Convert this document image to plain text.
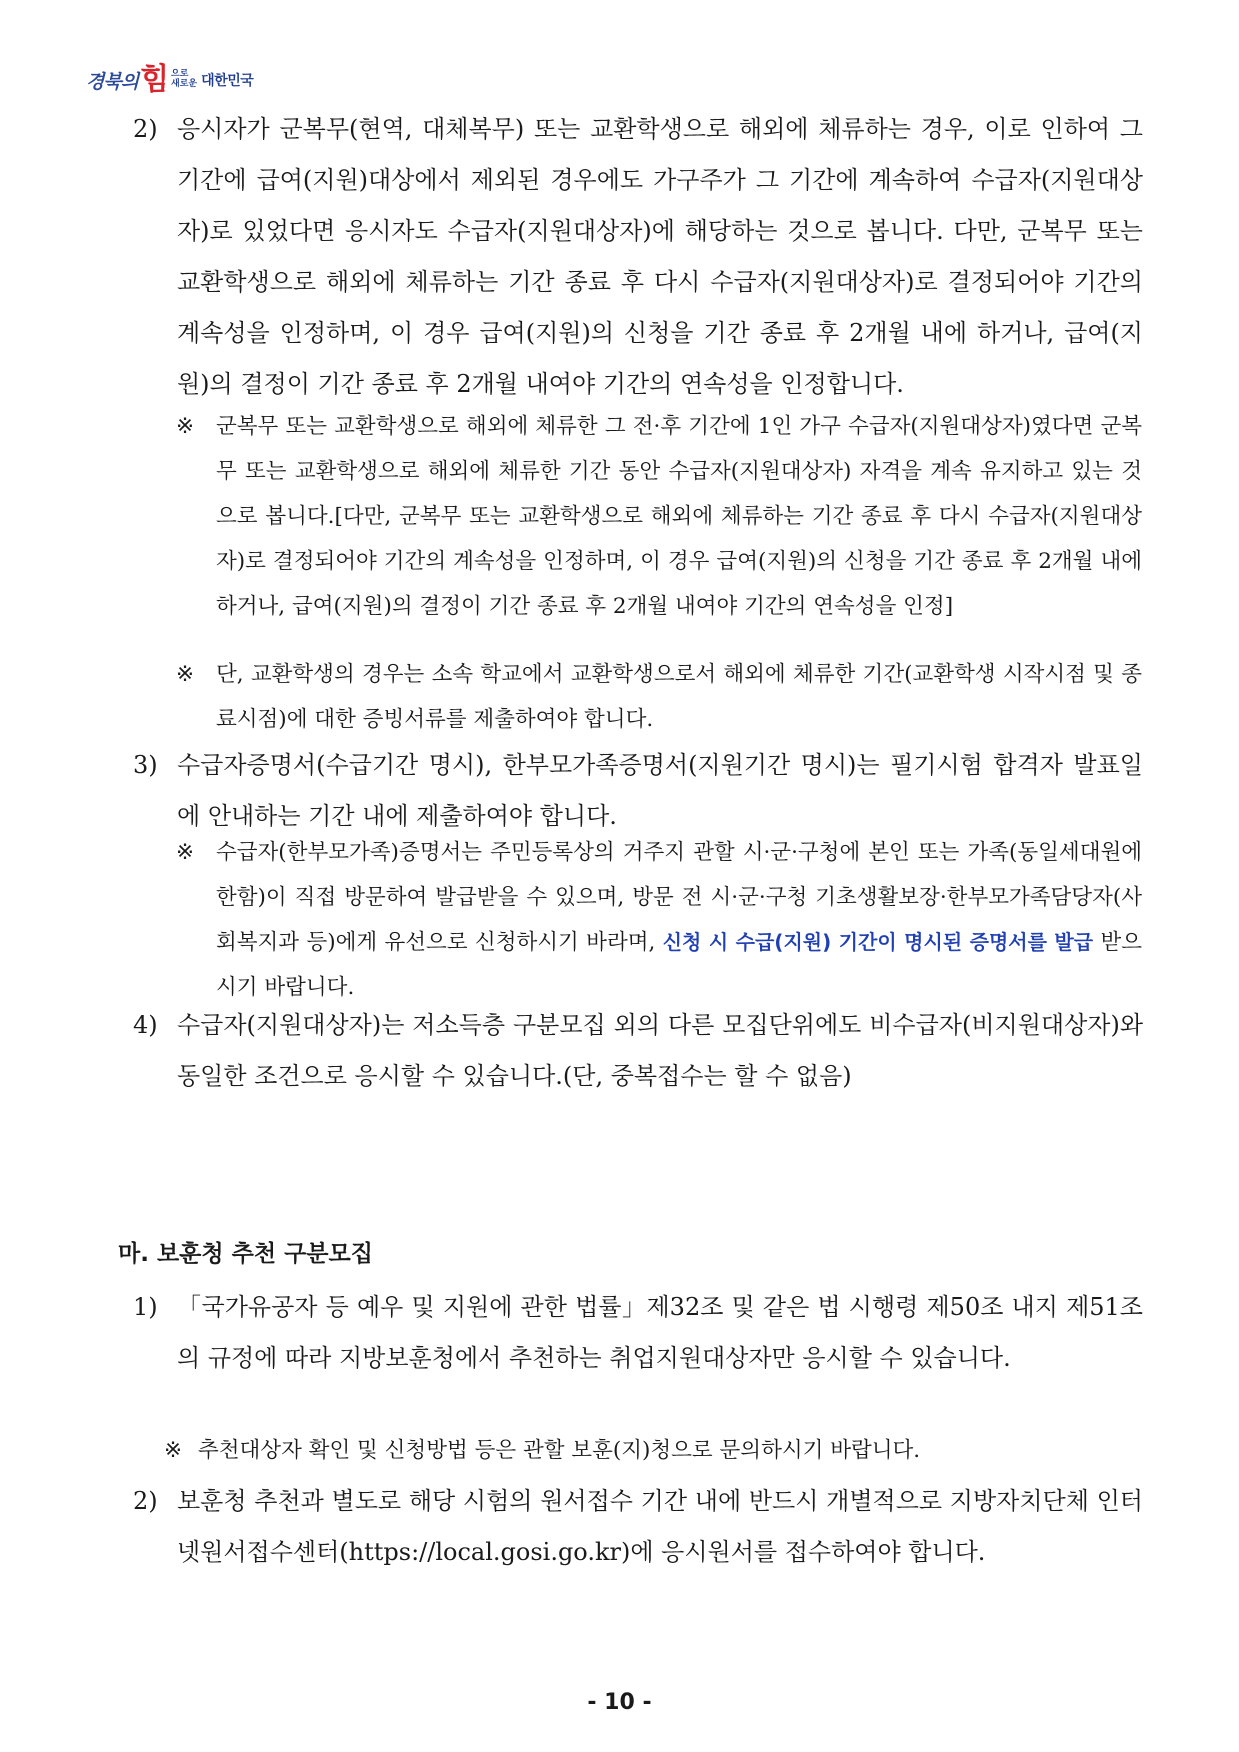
경북의 힘 으로
새로운 대한민국
2) 응시자가 군복무(현역, 대체복무) 또는 교환학생으로 해외에 체류하는 경우, 이로 인하여 그 기간에 급여(지원)대상에서 제외된 경우에도 가구주가 그 기간에 계속하여 수급자(지원대상자)로 있었다면 응시자도 수급자(지원대상자)에 해당하는 것으로 봅니다. 다만, 군복무 또는 교환학생으로 해외에 체류하는 기간 종료 후 다시 수급자(지원대상자)로 결정되어야 기간의 계속성을 인정하며, 이 경우 급여(지원)의 신청을 기간 종료 후 2개월 내에 하거나, 급여(지원)의 결정이 기간 종료 후 2개월 내여야 기간의 연속성을 인정합니다.
※	군복무 또는 교환학생으로 해외에 체류한 그 전·후 기간에 1인 가구 수급자(지원대상자)였다면 군복무 또는 교환학생으로 해외에 체류한 기간 동안 수급자(지원대상자) 자격을 계속 유지하고 있는 것으로 봅니다.[다만, 군복무 또는 교환학생으로 해외에 체류하는 기간 종료 후 다시 수급자(지원대상자)로 결정되어야 기간의 계속성을 인정하며, 이 경우 급여(지원)의 신청을 기간 종료 후 2개월 내에 하거나, 급여(지원)의 결정이 기간 종료 후 2개월 내여야 기간의 연속성을 인정]
※	단, 교환학생의 경우는 소속 학교에서 교환학생으로서 해외에 체류한 기간(교환학생 시작시점 및 종료시점)에 대한 증빙서류를 제출하여야 합니다.
3) 수급자증명서(수급기간 명시), 한부모가족증명서(지원기간 명시)는 필기시험 합격자 발표일에 안내하는 기간 내에 제출하여야 합니다.
※	수급자(한부모가족)증명서는 주민등록상의 거주지 관할 시·군·구청에 본인 또는 가족(동일세대원에 한함)이 직접 방문하여 발급받을 수 있으며, 방문 전 시·군·구청 기초생활보장·한부모가족담당자(사회복지과 등)에게 유선으로 신청하시기 바라며, 신청 시 수급(지원) 기간이 명시된 증명서를 발급 받으시기 바랍니다.
4) 수급자(지원대상자)는 저소득층 구분모집 외의 다른 모집단위에도 비수급자(비지원대상자)와 동일한 조건으로 응시할 수 있습니다.(단, 중복접수는 할 수 없음)
마. 보훈청 추천 구분모집
1) 「국가유공자 등 예우 및 지원에 관한 법률」제32조 및 같은 법 시행령 제50조 내지 제51조의 규정에 따라 지방보훈청에서 추천하는 취업지원대상자만 응시할 수 있습니다.
※ 추천대상자 확인 및 신청방법 등은 관할 보훈(지)청으로 문의하시기 바랍니다.
2) 보훈청 추천과 별도로 해당 시험의 원서접수 기간 내에 반드시 개별적으로 지방자치단체 인터넷원서접수센터(https://local.gosi.go.kr)에 응시원서를 접수하여야 합니다.
- 10 -
